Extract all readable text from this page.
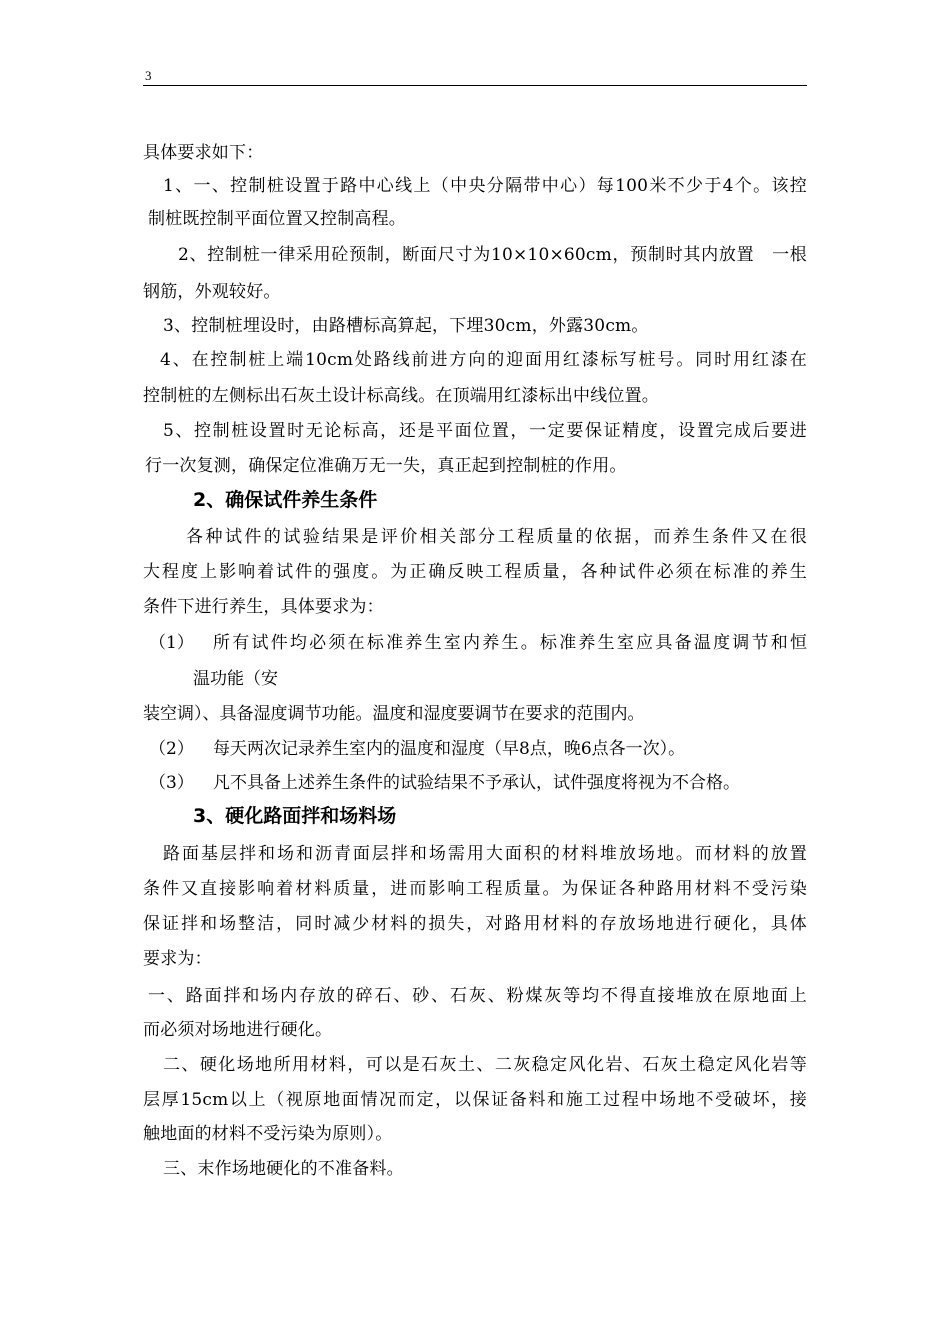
3
具体要求如下：
1、一、控制桩设置于路中心线上（中央分隔带中心）每100米不少于4个。该控
制桩既控制平面位置又控制高程。
2、控制桩一律采用砼预制，断面尺寸为10×10×60cm，预制时其内放置　一根
钢筋，外观较好。
3、控制桩埋设时，由路槽标高算起，下埋30cm，外露30cm。
4、在控制桩上端10cm处路线前进方向的迎面用红漆标写桩号。同时用红漆在
控制桩的左侧标出石灰土设计标高线。在顶端用红漆标出中线位置。
5、控制桩设置时无论标高，还是平面位置，一定要保证精度，设置完成后要进
行一次复测，确保定位准确万无一失，真正起到控制桩的作用。
2、确保试件养生条件
各种试件的试验结果是评价相关部分工程质量的依据，而养生条件又在很
大程度上影响着试件的强度。为正确反映工程质量，各种试件必须在标准的养生
条件下进行养生，具体要求为：
（1） 所有试件均必须在标准养生室内养生。标准养生室应具备温度调节和恒
温功能（安
装空调）、具备湿度调节功能。温度和湿度要调节在要求的范围内。
（2） 每天两次记录养生室内的温度和湿度（早8点，晚6点各一次）。
（3） 凡不具备上述养生条件的试验结果不予承认，试件强度将视为不合格。
3、硬化路面拌和场料场
路面基层拌和场和沥青面层拌和场需用大面积的材料堆放场地。而材料的放置
条件又直接影响着材料质量，进而影响工程质量。为保证各种路用材料不受污染
保证拌和场整洁，同时减少材料的损失，对路用材料的存放场地进行硬化，具体
要求为：
一、路面拌和场内存放的碎石、砂、石灰、粉煤灰等均不得直接堆放在原地面上
而必须对场地进行硬化。
二、硬化场地所用材料，可以是石灰土、二灰稳定风化岩、石灰土稳定风化岩等
层厚15cm以上（视原地面情况而定，以保证备料和施工过程中场地不受破坏，接
触地面的材料不受污染为原则）。
三、末作场地硬化的不准备料。
